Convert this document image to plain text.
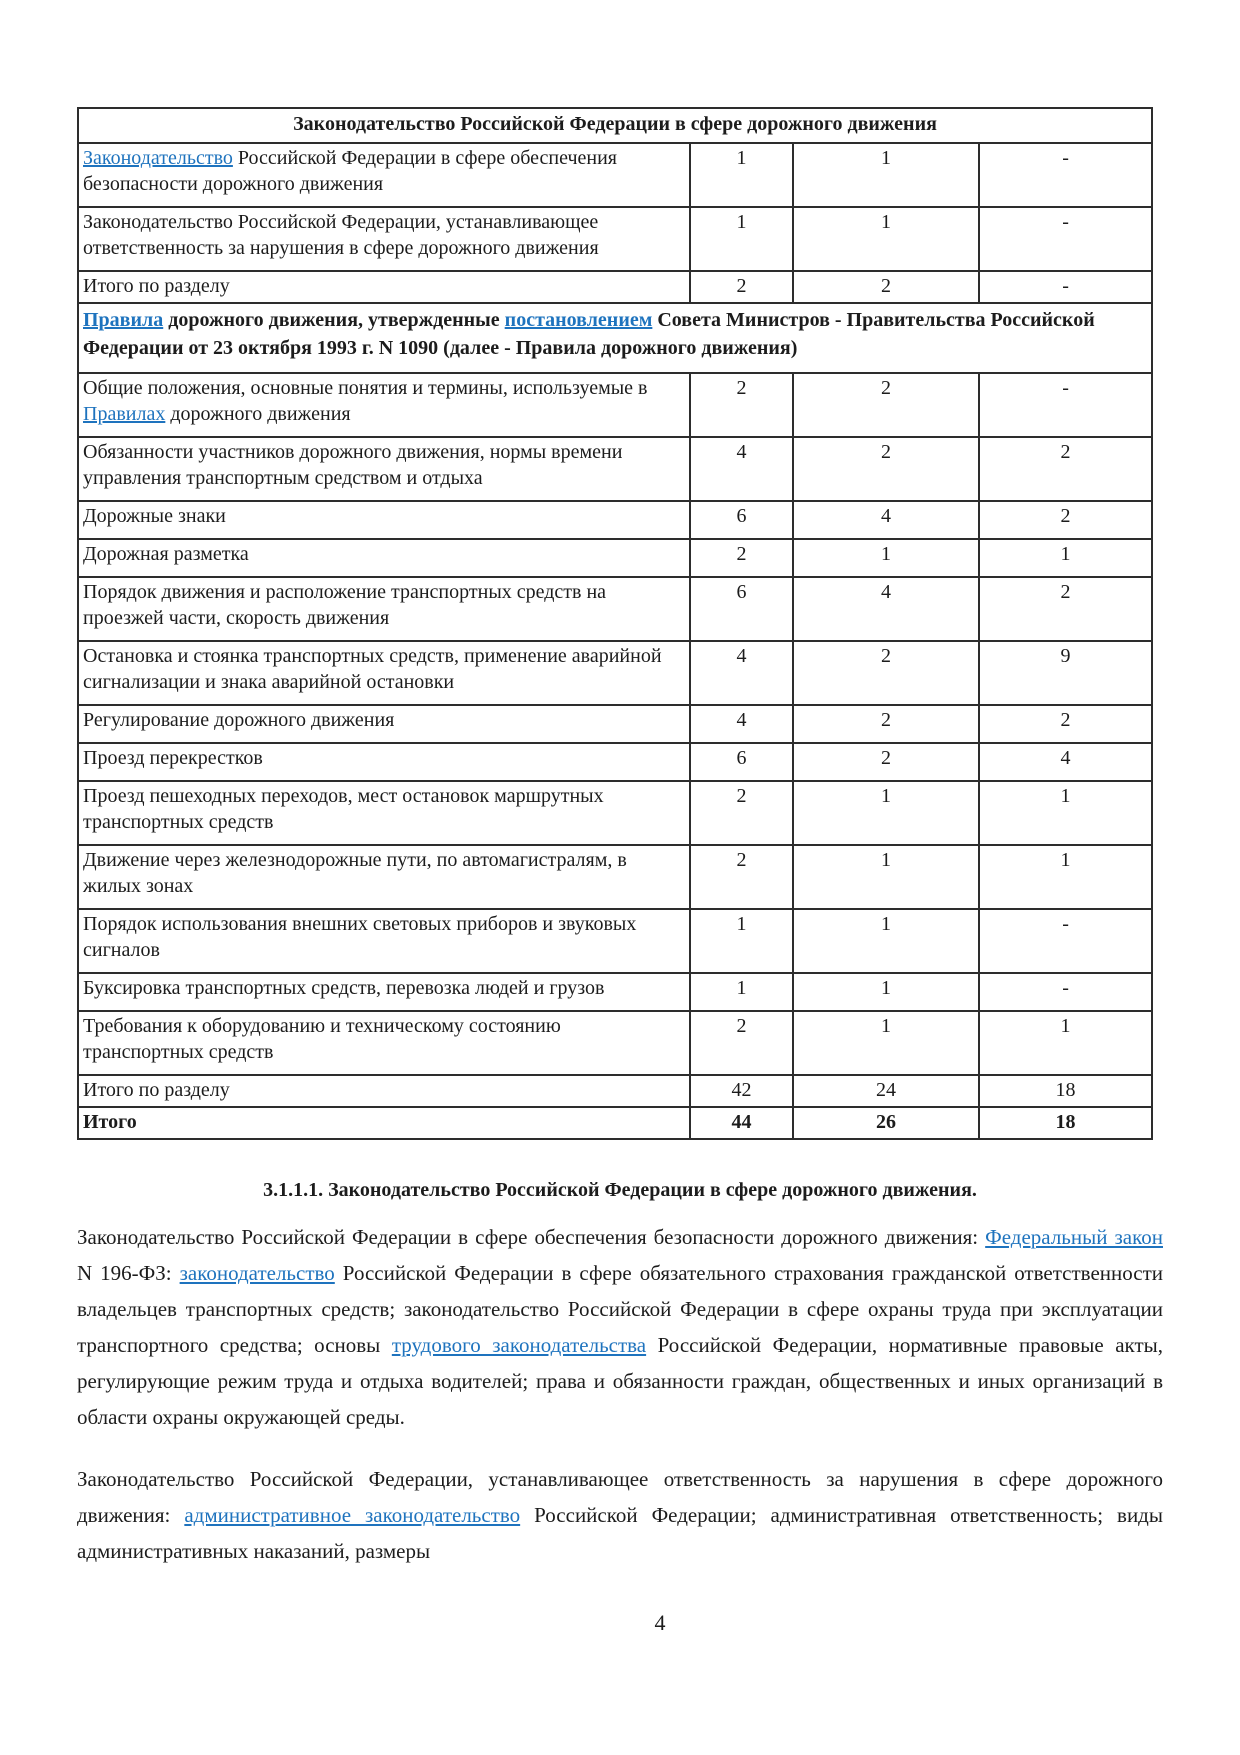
Законодательство Российской Федерации в сфере дорожного движения			
Законодательство Российской Федерации в сфере обеспечения безопасности дорожного движения	1	1	-
Законодательство Российской Федерации, устанавливающее ответственность за нарушения в сфере дорожного движения	1	1	-
Итого по разделу	2	2	-
Правила дорожного движения, утвержденные постановлением Совета Министров - Правительства Российской Федерации от 23 октября 1993 г. N 1090 (далее - Правила дорожного движения)			
Общие положения, основные понятия и термины, используемые в Правилах дорожного движения	2	2	-
Обязанности участников дорожного движения, нормы времени управления транспортным средством и отдыха	4	2	2
Дорожные знаки	6	4	2
Дорожная разметка	2	1	1
Порядок движения и расположение транспортных средств на проезжей части, скорость движения	6	4	2
Остановка и стоянка транспортных средств, применение аварийной сигнализации и знака аварийной остановки	4	2	9
Регулирование дорожного движения	4	2	2
Проезд перекрестков	6	2	4
Проезд пешеходных переходов, мест остановок маршрутных транспортных средств	2	1	1
Движение через железнодорожные пути, по автомагистралям, в жилых зонах	2	1	1
Порядок использования внешних световых приборов и звуковых сигналов	1	1	-
Буксировка транспортных средств, перевозка людей и грузов	1	1	-
Требования к оборудованию и техническому состоянию транспортных средств	2	1	1
Итого по разделу	42	24	18
Итого	44	26	18
3.1.1.1. Законодательство Российской Федерации в сфере дорожного движения.

Законодательство Российской Федерации в сфере обеспечения безопасности дорожного движения: Федеральный закон N 196-ФЗ: законодательство Российской Федерации в сфере обязательного страхования гражданской ответственности владельцев транспортных средств; законодательство Российской Федерации в сфере охраны труда при эксплуатации транспортного средства; основы трудового законодательства Российской Федерации, нормативные правовые акты, регулирующие режим труда и отдыха водителей; права и обязанности граждан, общественных и иных организаций в области охраны окружающей среды.

Законодательство Российской Федерации, устанавливающее ответственность за нарушения в сфере дорожного движения: административное законодательство Российской Федерации; административная ответственность; виды административных наказаний, размеры

4
